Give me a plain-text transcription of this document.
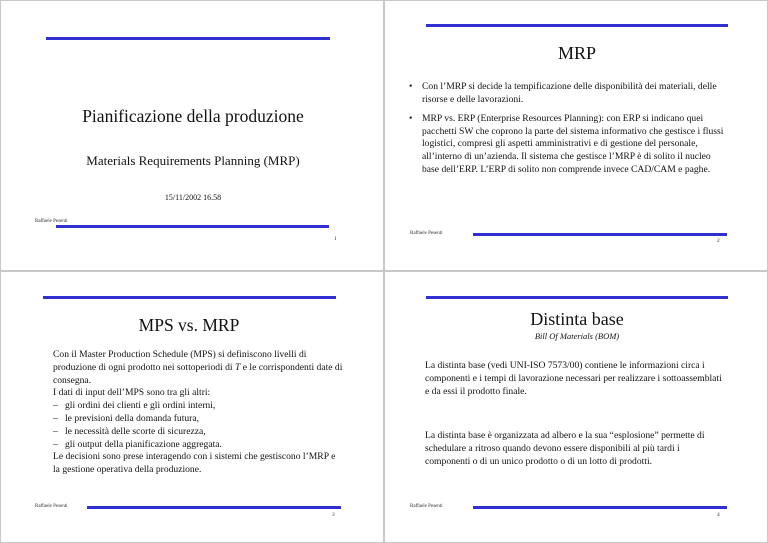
Pianificazione della produzione
Materials Requirements Planning (MRP)
15/11/2002 16.58
Raffaele Pesenti
1
MRP
• Con l’MRP si decide la tempificazione delle disponibilità dei materiali, delle risorse e delle lavorazioni.
• MRP vs. ERP (Enterprise Resources Planning): con ERP si indicano quei pacchetti SW che coprono la parte del sistema informativo che gestisce i flussi logistici, compresi gli aspetti amministrativi e di gestione del personale, all’interno di un’azienda. Il sistema che gestisce l’MRP è di solito il nucleo base dell’ERP. L’ERP di solito non comprende invece CAD/CAM e paghe.
Raffaele Pesenti
2
MPS vs. MRP
Con il Master Production Schedule (MPS) si definiscono livelli di produzione di ogni prodotto nei sottoperiodi di T e le corrispondenti date di consegna.
I dati di input dell’MPS sono tra gli altri:
– gli ordini dei clienti e gli ordini interni,
– le previsioni della domanda futura,
– le necessità delle scorte di sicurezza,
– gli output della pianificazione aggregata.
Le decisioni sono prese interagendo con i sistemi che gestiscono l’MRP e la gestione operativa della produzione.
Raffaele Pesenti
3
Distinta base
Bill Of Materials (BOM)
La distinta base (vedi UNI-ISO 7573/00) contiene le informazioni circa i componenti e i tempi di lavorazione necessari per realizzare i sottoassemblati e da essi il prodotto finale.
La distinta base è organizzata ad albero e la sua “esplosione” permette di schedulare a ritroso quando devono essere disponibili al più tardi i componenti o di un unico prodotto o di un lotto di prodotti.
Raffaele Pesenti
4
